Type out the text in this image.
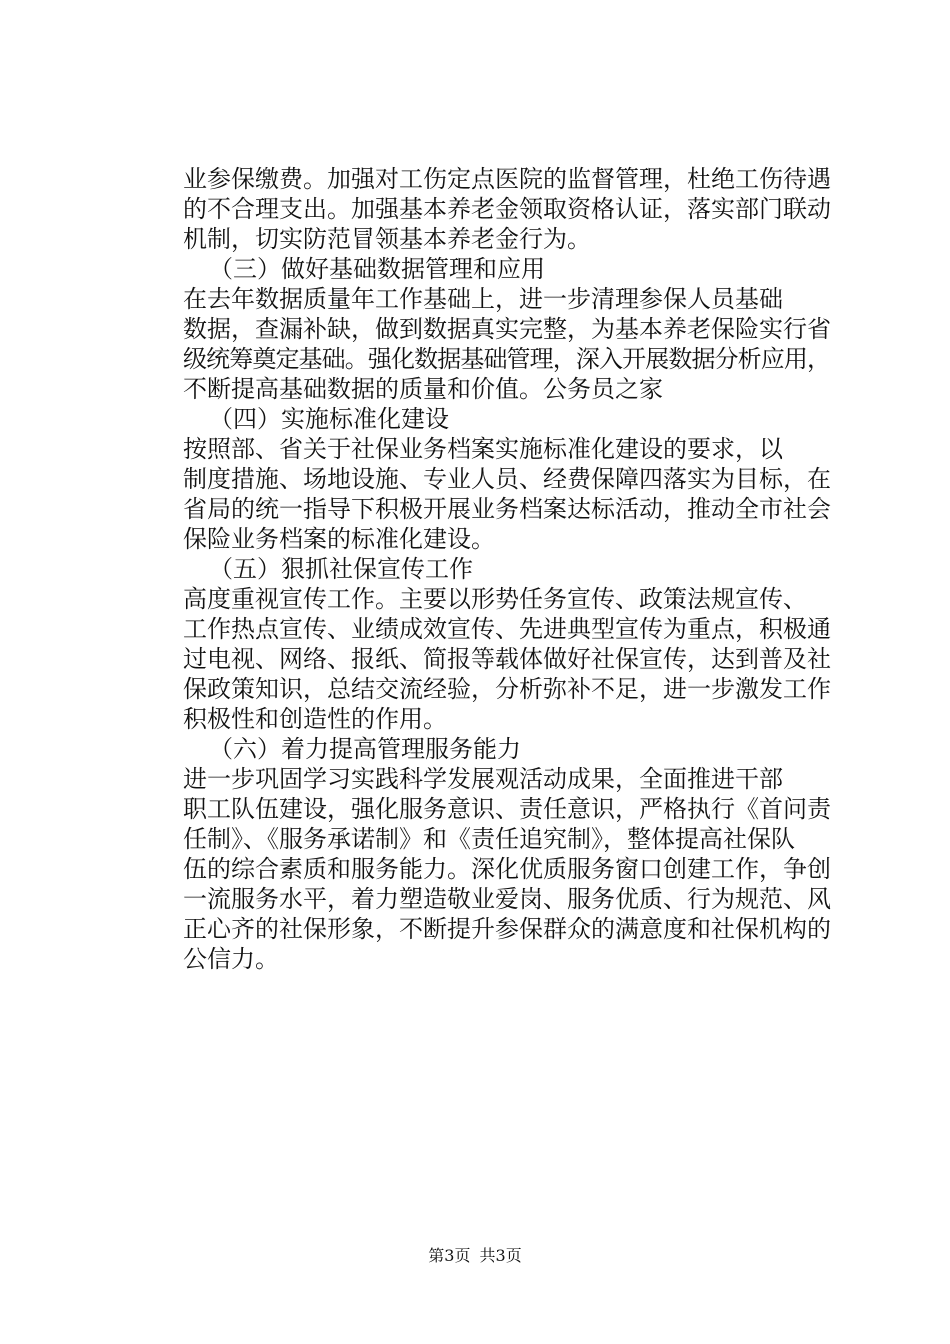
业参保缴费。加强对工伤定点医院的监督管理，杜绝工伤待遇
的不合理支出。加强基本养老金领取资格认证，落实部门联动
机制，切实防范冒领基本养老金行为。
（三）做好基础数据管理和应用
在去年数据质量年工作基础上，进一步清理参保人员基础
数据，查漏补缺，做到数据真实完整，为基本养老保险实行省
级统筹奠定基础。强化数据基础管理，深入开展数据分析应用，
不断提高基础数据的质量和价值。公务员之家
（四）实施标准化建设
按照部、省关于社保业务档案实施标准化建设的要求，以
制度措施、场地设施、专业人员、经费保障四落实为目标，在
省局的统一指导下积极开展业务档案达标活动，推动全市社会
保险业务档案的标准化建设。
（五）狠抓社保宣传工作
高度重视宣传工作。主要以形势任务宣传、政策法规宣传、
工作热点宣传、业绩成效宣传、先进典型宣传为重点，积极通
过电视、网络、报纸、简报等载体做好社保宣传，达到普及社
保政策知识，总结交流经验，分析弥补不足，进一步激发工作
积极性和创造性的作用。
（六）着力提高管理服务能力
进一步巩固学习实践科学发展观活动成果，全面推进干部
职工队伍建设，强化服务意识、责任意识，严格执行《首问责
任制》、《服务承诺制》和《责任追究制》，整体提高社保队
伍的综合素质和服务能力。深化优质服务窗口创建工作，争创
一流服务水平，着力塑造敬业爱岗、服务优质、行为规范、风
正心齐的社保形象，不断提升参保群众的满意度和社保机构的
公信力。
第3页 共3页
